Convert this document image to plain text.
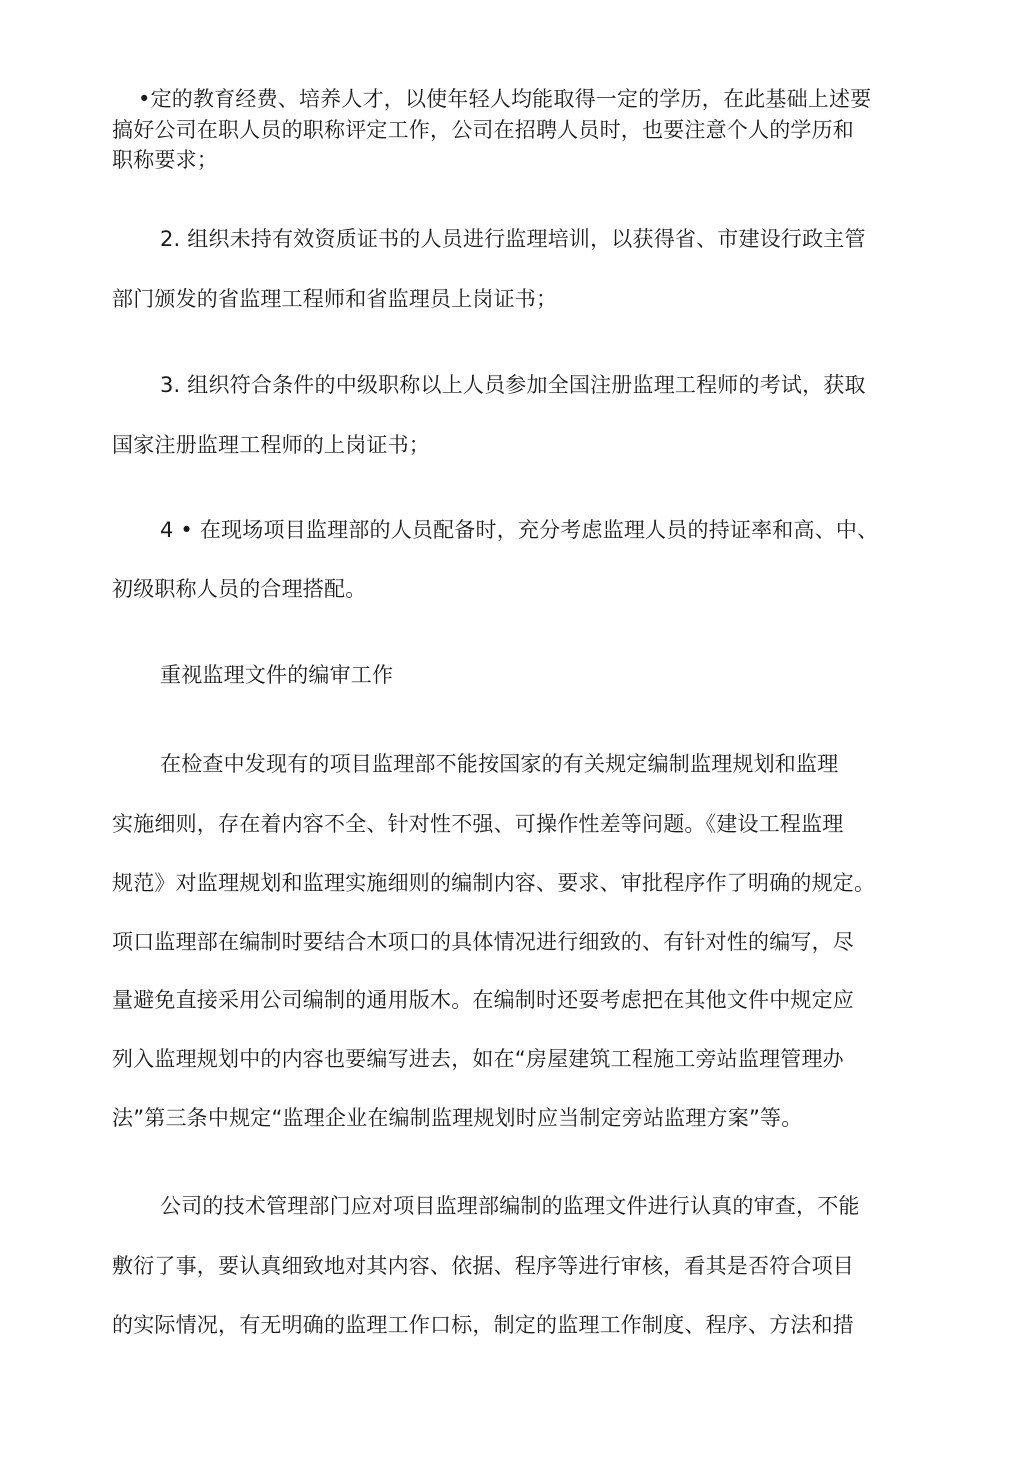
•定的教育经费、培养人才，以使年轻人均能取得一定的学历，在此基础上述要
搞好公司在职人员的职称评定工作，公司在招聘人员时，也要注意个人的学历和
职称要求；
2. 组织未持有效资质证书的人员进行监理培训，以获得省、市建设行政主管
部门颁发的省监理工程师和省监理员上岗证书；
3. 组织符合条件的中级职称以上人员参加全国注册监理工程师的考试，获取
国家注册监理工程师的上岗证书；
4 • 在现场项目监理部的人员配备时，充分考虑监理人员的持证率和高、中、
初级职称人员的合理搭配。
重视监理文件的编审工作
在检查中发现有的项目监理部不能按国家的有关规定编制监理规划和监理
实施细则，存在着内容不全、针对性不强、可操作性差等问题。《建设工程监理
规范》对监理规划和监理实施细则的编制内容、要求、审批程序作了明确的规定。
项口监理部在编制时要结合木项口的具体情况进行细致的、有针对性的编写，尽
量避免直接采用公司编制的通用版木。在编制时还耍考虑把在其他文件中规定应
列入监理规划中的内容也要编写进去，如在“房屋建筑工程施工旁站监理管理办
法”第三条中规定“监理企业在编制监理规划时应当制定旁站监理方案”等。
公司的技术管理部门应对项目监理部编制的监理文件进行认真的审查，不能
敷衍了事，要认真细致地对其内容、依据、程序等进行审核，看其是否符合项目
的实际情况，有无明确的监理工作口标，制定的监理工作制度、程序、方法和措
